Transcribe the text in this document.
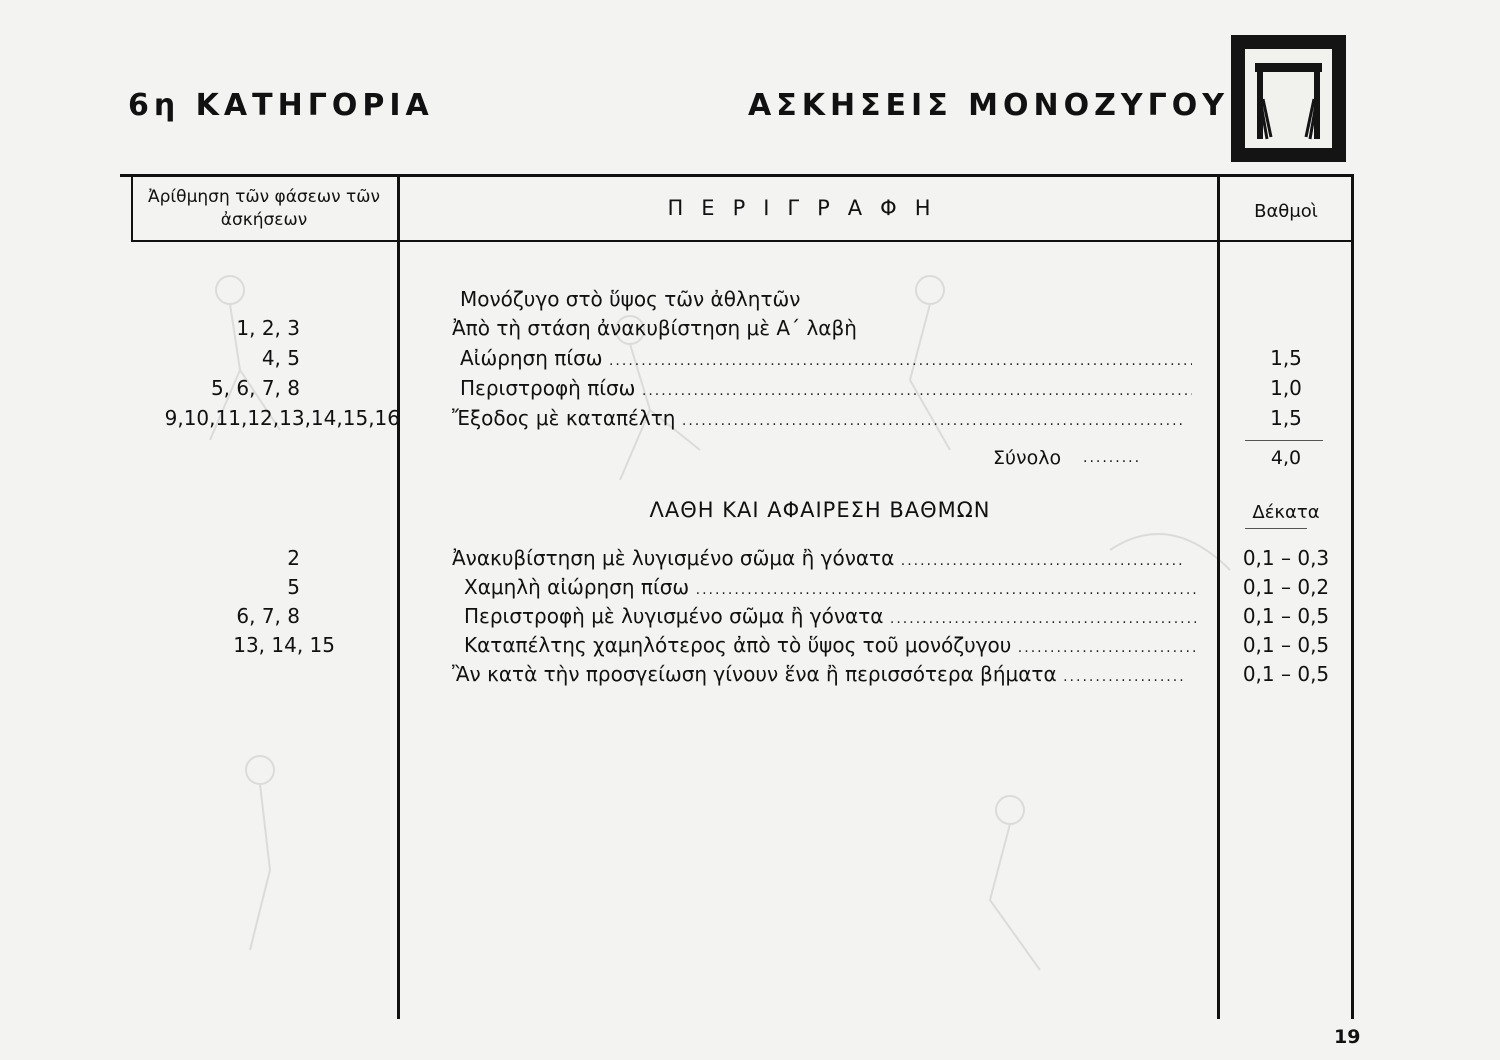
6η ΚΑΤΗΓΟΡΙΑ	ΑΣΚΗΣΕΙΣ ΜΟΝΟΖΥΓΟΥ
Ἀρίθμηση τῶν φάσεων τῶν ἀσκήσεων	ΠΕΡΙΓΡΑΦΗ	Βαθμοὶ
Μονόζυγο στὸ ὕψος τῶν ἀθλητῶν
1, 2, 3	Ἀπὸ τὴ στάση ἀνακυβίστηση μὲ Α΄ λαβὴ
4, 5	Αἰώρηση πίσω .....	1,5
5, 6, 7, 8	Περιστροφὴ πίσω .....	1,0
9,10,11,12,13,14,15,16	Ἔξοδος μὲ καταπέλτη .....	1,5
Σύνολο .........	4,0
ΛΑΘΗ ΚΑΙ ΑΦΑΙΡΕΣΗ ΒΑΘΜΩΝ	Δέκατα
2	Ἀνακυβίστηση μὲ λυγισμένο σῶμα ἢ γόνατα .....	0,1 – 0,3
5	Χαμηλὴ αἰώρηση πίσω .....	0,1 – 0,2
6, 7, 8	Περιστροφὴ μὲ λυγισμένο σῶμα ἢ γόνατα .....	0,1 – 0,5
13, 14, 15	Καταπέλτης χαμηλότερος ἀπὸ τὸ ὕψος τοῦ μονόζυγου .....	0,1 – 0,5
Ἂν κατὰ τὴν προσγείωση γίνουν ἕνα ἢ περισσότερα βήματα .....	0,1 – 0,5
19
